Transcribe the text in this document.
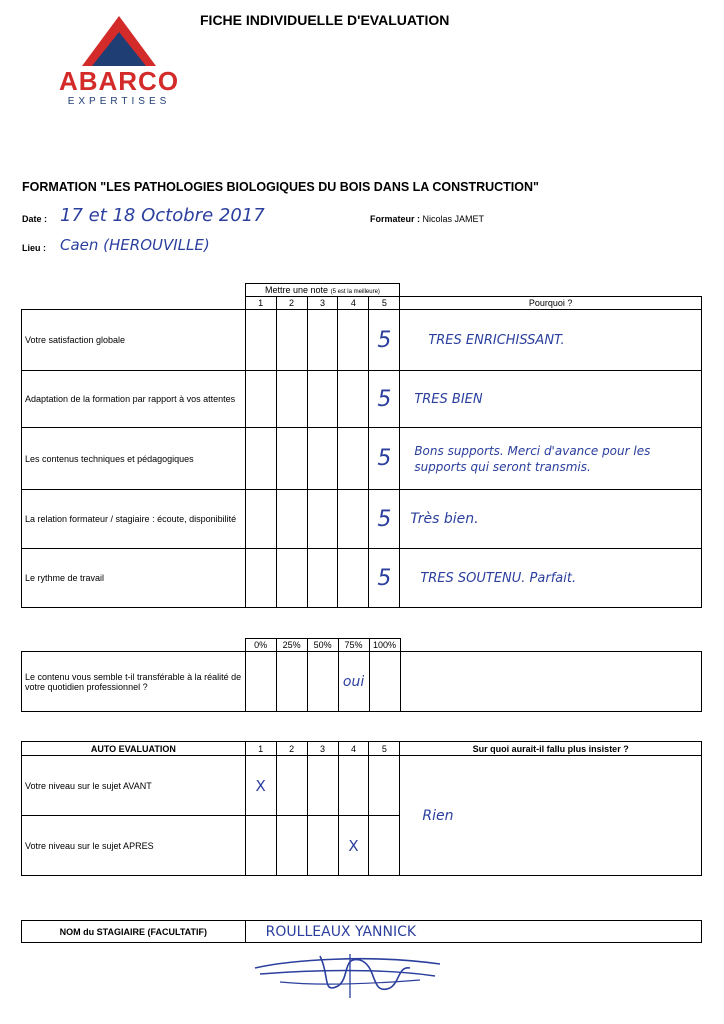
ABARCO
EXPERTISES
FICHE INDIVIDUELLE D'EVALUATION
FORMATION "LES PATHOLOGIES BIOLOGIQUES DU BOIS DANS LA CONSTRUCTION"
Date : 17 et 18 Octobre 2017
Lieu : Caen (HEROUVILLE)
Formateur : Nicolas JAMET
	Mettre une note (5 est la meilleure)					
	1	2	3	4	5	Pourquoi ?
Votre satisfaction globale					5	TRES ENRICHISSANT.
Adaptation de la formation par rapport à vos attentes					5	TRES BIEN
Les contenus techniques et pédagogiques					5	Bons supports. Merci d'avance pour les supports qui seront transmis.
La relation formateur / stagiaire : écoute, disponibilité					5	Très bien.
Le rythme de travail					5	TRES SOUTENU. Parfait.
	0%	25%	50%	75%	100%	
Le contenu vous semble t-il transférable à la réalité de votre quotidien professionnel ?				oui		
AUTO EVALUATION	1	2	3	4	5	Sur quoi aurait-il fallu plus insister ?
Votre niveau sur le sujet AVANT	X					Rien
Votre niveau sur le sujet APRES				X		
NOM du STAGIAIRE (FACULTATIF)	ROULLEAUX YANNICK
